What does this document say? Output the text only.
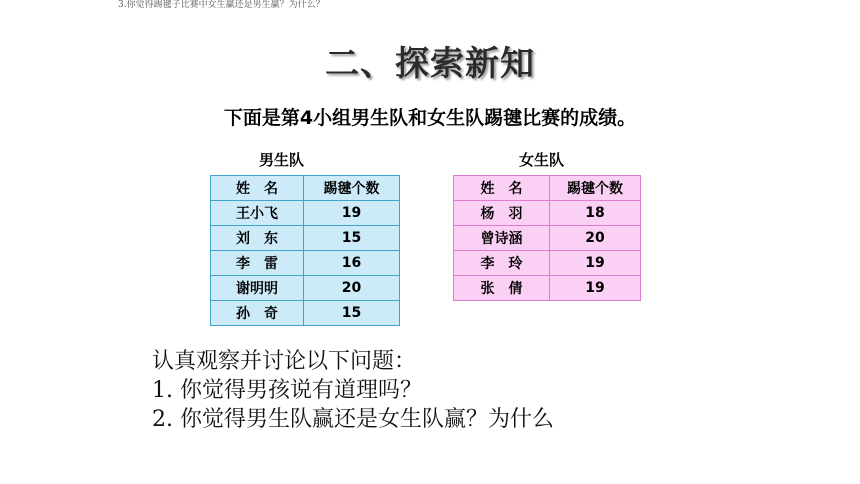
3.你觉得踢毽子比赛中女生赢还是男生赢？为什么？
二、探索新知
下面是第4小组男生队和女生队踢毽比赛的成绩。
男生队	女生队
姓　名	踢毽个数
王小飞	19
刘　东	15
李　雷	16
谢明明	20
孙　奇	15
姓　名	踢毽个数
杨　羽	18
曾诗涵	20
李　玲	19
张　倩	19
认真观察并讨论以下问题：
1. 你觉得男孩说有道理吗？
2. 你觉得男生队赢还是女生队赢？为什么
